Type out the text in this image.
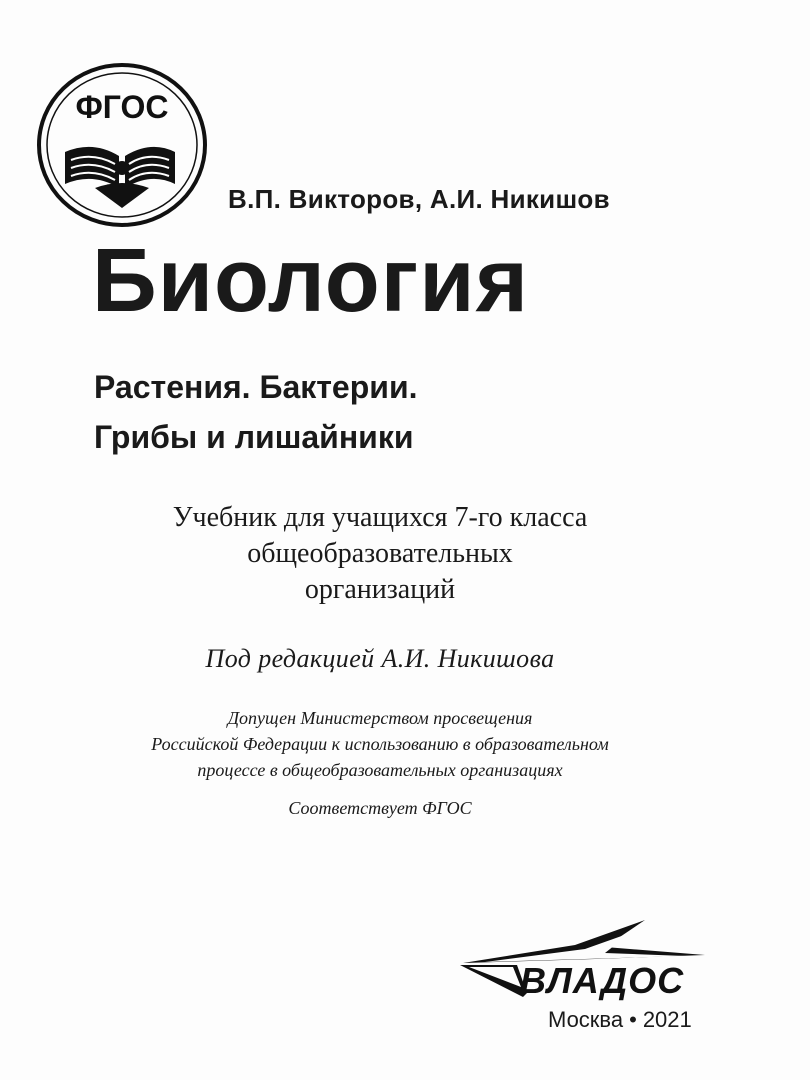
ФГОС
В.П. Викторов, А.И. Никишов
Биология
Растения. Бактерии.
Грибы и лишайники
Учебник для учащихся 7-го класса
общеобразовательных
организаций
Под редакцией А.И. Никишова
Допущен Министерством просвещения
Российской Федерации к использованию в образовательном
процессе в общеобразовательных организациях
Соответствует ФГОС
ВЛАДОС
Москва • 2021
